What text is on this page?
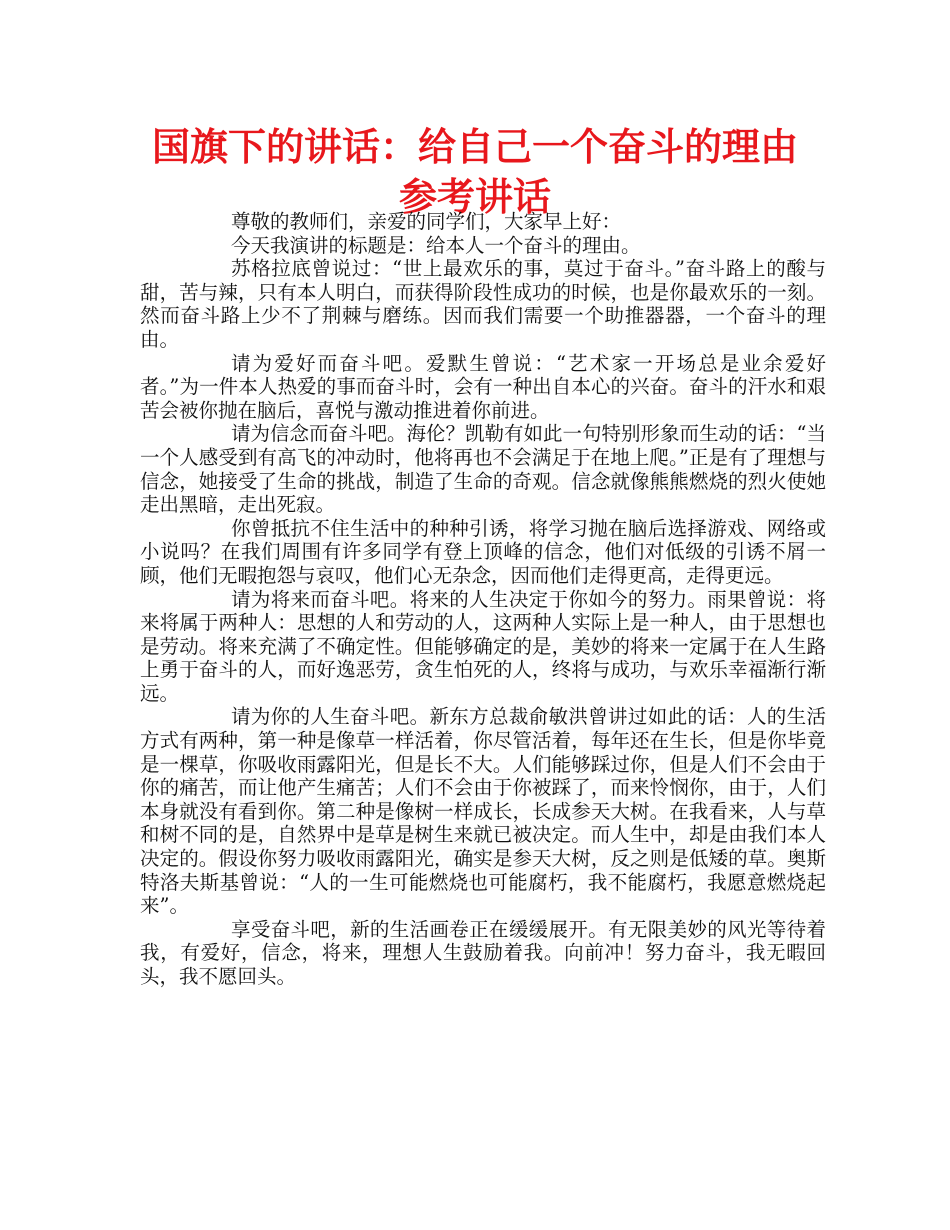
国旗下的讲话：给自己一个奋斗的理由参考讲话

尊敬的教师们，亲爱的同学们，大家早上好：

今天我演讲的标题是：给本人一个奋斗的理由。

苏格拉底曾说过：“世上最欢乐的事，莫过于奋斗。”奋斗路上的酸与甜，苦与辣，只有本人明白，而获得阶段性成功的时候，也是你最欢乐的一刻。然而奋斗路上少不了荆棘与磨练。因而我们需要一个助推器器，一个奋斗的理由。

请为爱好而奋斗吧。爱默生曾说：“艺术家一开场总是业余爱好者。”为一件本人热爱的事而奋斗时，会有一种出自本心的兴奋。奋斗的汗水和艰苦会被你抛在脑后，喜悦与激动推进着你前进。

请为信念而奋斗吧。海伦？凯勒有如此一句特别形象而生动的话：“当一个人感受到有高飞的冲动时，他将再也不会满足于在地上爬。”正是有了理想与信念，她接受了生命的挑战，制造了生命的奇观。信念就像熊熊燃烧的烈火使她走出黑暗，走出死寂。

你曾抵抗不住生活中的种种引诱，将学习抛在脑后选择游戏、网络或小说吗？在我们周围有许多同学有登上顶峰的信念，他们对低级的引诱不屑一顾，他们无暇抱怨与哀叹，他们心无杂念，因而他们走得更高，走得更远。

请为将来而奋斗吧。将来的人生决定于你如今的努力。雨果曾说：将来将属于两种人：思想的人和劳动的人，这两种人实际上是一种人，由于思想也是劳动。将来充满了不确定性。但能够确定的是，美妙的将来一定属于在人生路上勇于奋斗的人，而好逸恶劳，贪生怕死的人，终将与成功，与欢乐幸福渐行渐远。

请为你的人生奋斗吧。新东方总裁俞敏洪曾讲过如此的话：人的生活方式有两种，第一种是像草一样活着，你尽管活着，每年还在生长，但是你毕竟是一棵草，你吸收雨露阳光，但是长不大。人们能够踩过你，但是人们不会由于你的痛苦，而让他产生痛苦；人们不会由于你被踩了，而来怜悯你，由于，人们本身就没有看到你。第二种是像树一样成长，长成参天大树。在我看来，人与草和树不同的是，自然界中是草是树生来就已被决定。而人生中，却是由我们本人决定的。假设你努力吸收雨露阳光，确实是参天大树，反之则是低矮的草。奥斯特洛夫斯基曾说：“人的一生可能燃烧也可能腐朽，我不能腐朽，我愿意燃烧起来”。

享受奋斗吧，新的生活画卷正在缓缓展开。有无限美妙的风光等待着我，有爱好，信念，将来，理想人生鼓励着我。向前冲！努力奋斗，我无暇回头，我不愿回头。
